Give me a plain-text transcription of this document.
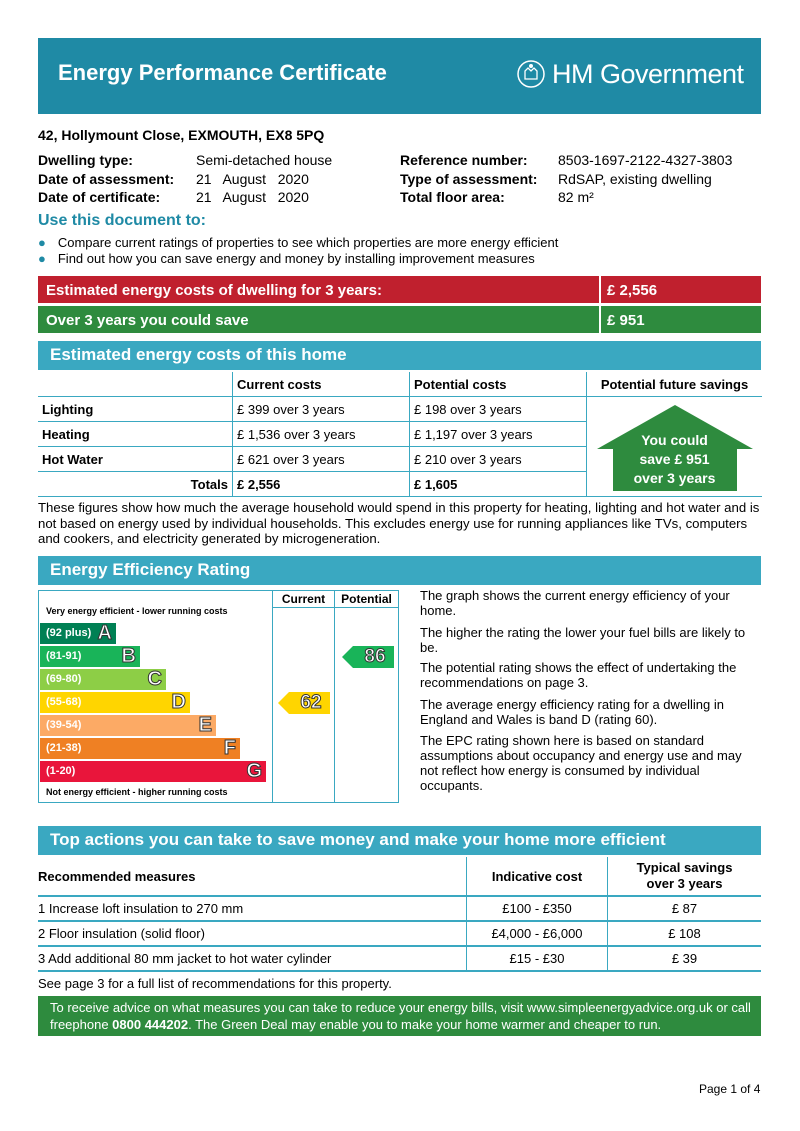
Energy Performance Certificate	HM Government
42, Hollymount Close, EXMOUTH, EX8 5PQ
Dwelling type:	Semi-detached house
Date of assessment: 21   August   2020
Date of certificate:	21   August   2020
Reference number: 8503-1697-2122-4327-3803
Type of assessment: RdSAP, existing dwelling
Total floor area:	82 m²
Use this document to:
● Compare current ratings of properties to see which properties are more energy efficient
● Find out how you can save energy and money by installing improvement measures
Estimated energy costs of dwelling for 3 years:	£ 2,556
Over 3 years you could save	£ 951
Estimated energy costs of this home
	Current costs	Potential costs	Potential future savings
Lighting	£ 399 over 3 years	£ 198 over 3 years	You could
save £ 951
over 3 years

Heating	£ 1,536 over 3 years	£ 1,197 over 3 years	
Hot Water	£ 621 over 3 years	£ 210 over 3 years	
Totals	£ 2,556	£ 1,605	
These figures show how much the average household would spend in this property for heating, lighting and hot water and is not based on energy used by individual households. This excludes energy use for running appliances like TVs, computers and cookers, and electricity generated by microgeneration.
Energy Efficiency Rating
Current	Potential
Very energy efficient - lower running costs
Not energy efficient - higher running costs
(92 plus) A
(81-91) B
(69-80)	C
(55-68)	D
(39-54)	E
(21-38)	F
(1-20)	G
62
86
The graph shows the current energy efficiency of your home.
The higher the rating the lower your fuel bills are likely to be.
The potential rating shows the effect of undertaking the recommendations on page 3.
The average energy efficiency rating for a dwelling in England and Wales is band D (rating 60).
The EPC rating shown here is based on standard assumptions about occupancy and energy use and may not reflect how energy is consumed by individual occupants.
Top actions you can take to save money and make your home more efficient
Recommended measures	Indicative cost	Typical savings
over 3 years

1 Increase loft insulation to 270 mm	£100 - £350	£ 87
2 Floor insulation (solid floor)	£4,000 - £6,000	£ 108
3 Add additional 80 mm jacket to hot water cylinder	£15 - £30	£ 39
See page 3 for a full list of recommendations for this property.
To receive advice on what measures you can take to reduce your energy bills, visit www.simpleenergyadvice.org.uk or call freephone 0800 444202. The Green Deal may enable you to make your home warmer and cheaper to run.
Page 1 of 4
